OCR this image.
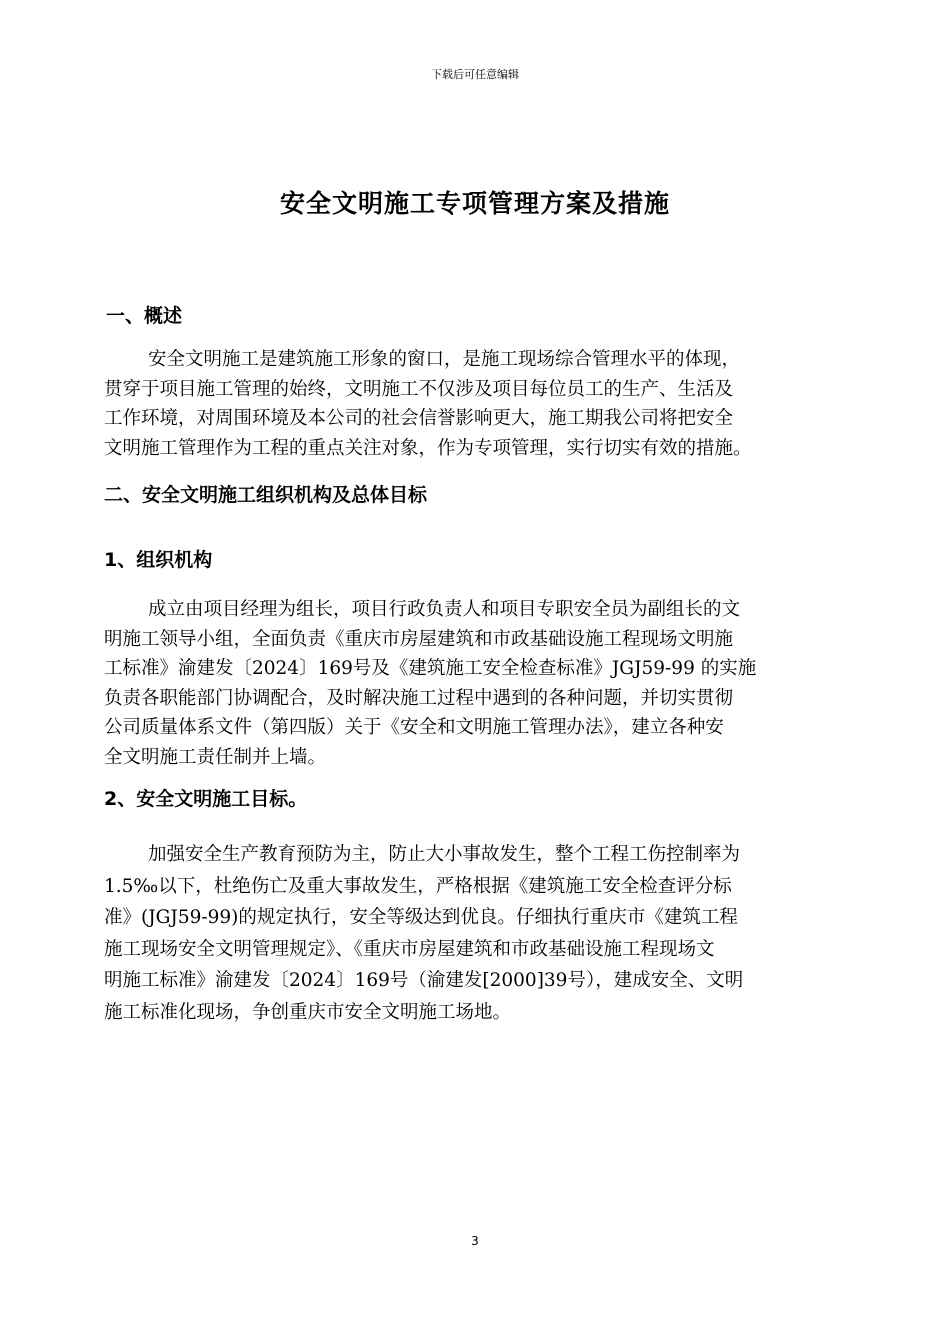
下载后可任意编辑
安全文明施工专项管理方案及措施
一、概述
安全文明施工是建筑施工形象的窗口，是施工现场综合管理水平的体现，
贯穿于项目施工管理的始终，文明施工不仅涉及项目每位员工的生产、生活及
工作环境，对周围环境及本公司的社会信誉影响更大，施工期我公司将把安全
文明施工管理作为工程的重点关注对象，作为专项管理，实行切实有效的措施。
二、安全文明施工组织机构及总体目标
1、组织机构
成立由项目经理为组长，项目行政负责人和项目专职安全员为副组长的文
明施工领导小组，全面负责《重庆市房屋建筑和市政基础设施工程现场文明施
工标准》渝建发〔2024〕169号及《建筑施工安全检查标准》JGJ59-99 的实施
负责各职能部门协调配合，及时解决施工过程中遇到的各种问题，并切实贯彻
公司质量体系文件（第四版）关于《安全和文明施工管理办法》，建立各种安
全文明施工责任制并上墙。
2、安全文明施工目标。
加强安全生产教育预防为主，防止大小事故发生，整个工程工伤控制率为
1.5‰以下，杜绝伤亡及重大事故发生，严格根据《建筑施工安全检查评分标
准》(JGJ59-99)的规定执行，安全等级达到优良。仔细执行重庆市《建筑工程
施工现场安全文明管理规定》、《重庆市房屋建筑和市政基础设施工程现场文
明施工标准》渝建发〔2024〕169号（渝建发[2000]39号），建成安全、文明
施工标准化现场，争创重庆市安全文明施工场地。
3
